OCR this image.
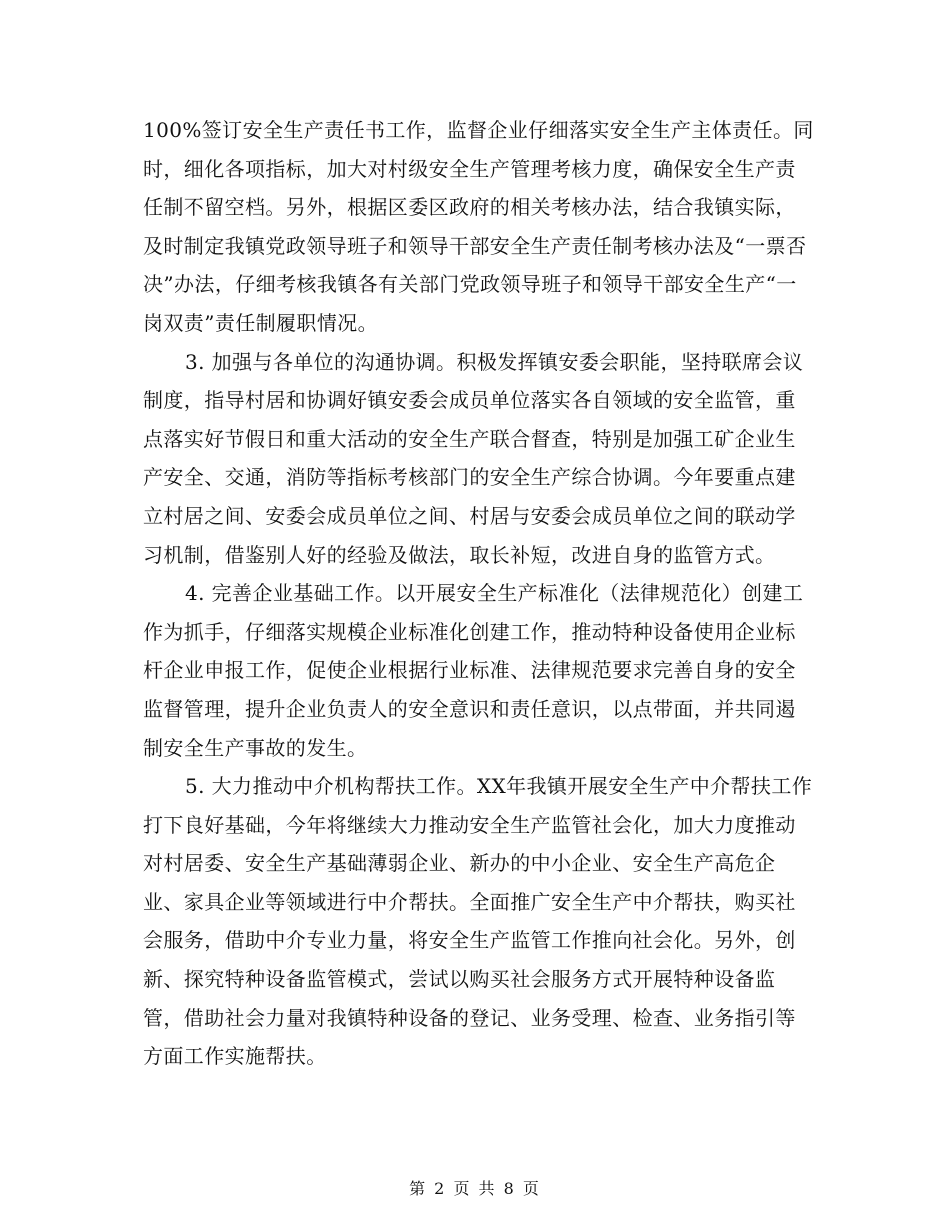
100%签订安全生产责任书工作，监督企业仔细落实安全生产主体责任。同时，细化各项指标，加大对村级安全生产管理考核力度，确保安全生产责任制不留空档。另外，根据区委区政府的相关考核办法，结合我镇实际，及时制定我镇党政领导班子和领导干部安全生产责任制考核办法及“一票否决”办法，仔细考核我镇各有关部门党政领导班子和领导干部安全生产“一岗双责”责任制履职情况。

3. 加强与各单位的沟通协调。积极发挥镇安委会职能，坚持联席会议制度，指导村居和协调好镇安委会成员单位落实各自领域的安全监管，重点落实好节假日和重大活动的安全生产联合督查，特别是加强工矿企业生产安全、交通，消防等指标考核部门的安全生产综合协调。今年要重点建立村居之间、安委会成员单位之间、村居与安委会成员单位之间的联动学习机制，借鉴别人好的经验及做法，取长补短，改进自身的监管方式。

4. 完善企业基础工作。以开展安全生产标准化（法律规范化）创建工作为抓手，仔细落实规模企业标准化创建工作，推动特种设备使用企业标杆企业申报工作，促使企业根据行业标准、法律规范要求完善自身的安全监督管理，提升企业负责人的安全意识和责任意识，以点带面，并共同遏制安全生产事故的发生。

5. 大力推动中介机构帮扶工作。XX年我镇开展安全生产中介帮扶工作打下良好基础，今年将继续大力推动安全生产监管社会化，加大力度推动对村居委、安全生产基础薄弱企业、新办的中小企业、安全生产高危企业、家具企业等领域进行中介帮扶。全面推广安全生产中介帮扶，购买社会服务，借助中介专业力量，将安全生产监管工作推向社会化。另外，创新、探究特种设备监管模式，尝试以购买社会服务方式开展特种设备监管，借助社会力量对我镇特种设备的登记、业务受理、检查、业务指引等方面工作实施帮扶。

第 2 页 共 8 页
